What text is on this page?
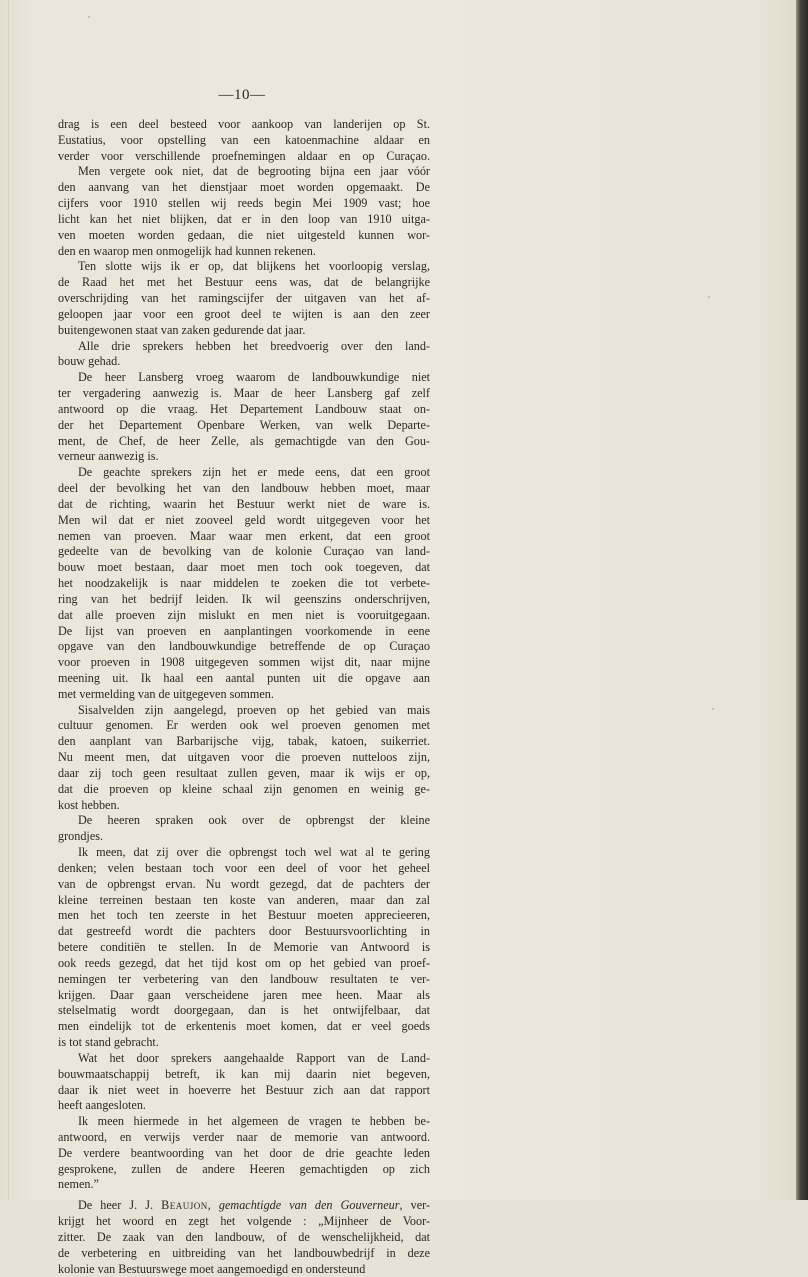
—10—
drag is een deel besteed voor aankoop van landerijen op St.
Eustatius, voor opstelling van een katoenmachine aldaar en
verder voor verschillende proefnemingen aldaar en op Curaçao.
Men vergete ook niet, dat de begrooting bijna een jaar vóór
den aanvang van het dienstjaar moet worden opgemaakt. De
cijfers voor 1910 stellen wij reeds begin Mei 1909 vast; hoe
licht kan het niet blijken, dat er in den loop van 1910 uitga-
ven moeten worden gedaan, die niet uitgesteld kunnen wor-
den en waarop men onmogelijk had kunnen rekenen.
Ten slotte wijs ik er op, dat blijkens het voorloopig verslag,
de Raad het met het Bestuur eens was, dat de belangrijke
overschrijding van het ramingscijfer der uitgaven van het af-
geloopen jaar voor een groot deel te wijten is aan den zeer
buitengewonen staat van zaken gedurende dat jaar.
Alle drie sprekers hebben het breedvoerig over den land-
bouw gehad.
De heer Lansberg vroeg waarom de landbouwkundige niet
ter vergadering aanwezig is. Maar de heer Lansberg gaf zelf
antwoord op die vraag. Het Departement Landbouw staat on-
der het Departement Openbare Werken, van welk Departe-
ment, de Chef, de heer Zelle, als gemachtigde van den Gou-
verneur aanwezig is.
De geachte sprekers zijn het er mede eens, dat een groot
deel der bevolking het van den landbouw hebben moet, maar
dat de richting, waarin het Bestuur werkt niet de ware is.
Men wil dat er niet zooveel geld wordt uitgegeven voor het
nemen van proeven. Maar waar men erkent, dat een groot
gedeelte van de bevolking van de kolonie Curaçao van land-
bouw moet bestaan, daar moet men toch ook toegeven, dat
het noodzakelijk is naar middelen te zoeken die tot verbete-
ring van het bedrijf leiden. Ik wil geenszins onderschrijven,
dat alle proeven zijn mislukt en men niet is vooruitgegaan.
De lijst van proeven en aanplantingen voorkomende in eene
opgave van den landbouwkundige betreffende de op Curaçao
voor proeven in 1908 uitgegeven sommen wijst dit, naar mijne
meening uit. Ik haal een aantal punten uit die opgave aan
met vermelding van de uitgegeven sommen.
Sisalvelden zijn aangelegd, proeven op het gebied van mais
cultuur genomen. Er werden ook wel proeven genomen met
den aanplant van Barbarijsche vijg, tabak, katoen, suikerriet.
Nu meent men, dat uitgaven voor die proeven nutteloos zijn,
daar zij toch geen resultaat zullen geven, maar ik wijs er op,
dat die proeven op kleine schaal zijn genomen en weinig ge-
kost hebben.
De heeren spraken ook over de opbrengst der kleine
grondjes.
Ik meen, dat zij over die opbrengst toch wel wat al te gering
denken; velen bestaan toch voor een deel of voor het geheel
van de opbrengst ervan. Nu wordt gezegd, dat de pachters der
kleine terreinen bestaan ten koste van anderen, maar dan zal
men het toch ten zeerste in het Bestuur moeten apprecieeren,
dat gestreefd wordt die pachters door Bestuursvoorlichting in
betere conditiën te stellen. In de Memorie van Antwoord is
ook reeds gezegd, dat het tijd kost om op het gebied van proef-
nemingen ter verbetering van den landbouw resultaten te ver-
krijgen. Daar gaan verscheidene jaren mee heen. Maar als
stelselmatig wordt doorgegaan, dan is het ontwijfelbaar, dat
men eindelijk tot de erkentenis moet komen, dat er veel goeds
is tot stand gebracht.
Wat het door sprekers aangehaalde Rapport van de Land-
bouwmaatschappij betreft, ik kan mij daarin niet begeven,
daar ik niet weet in hoeverre het Bestuur zich aan dat rapport
heeft aangesloten.
Ik meen hiermede in het algemeen de vragen te hebben be-
antwoord, en verwijs verder naar de memorie van antwoord.
De verdere beantwoording van het door de drie geachte leden
gesprokene, zullen de andere Heeren gemachtigden op zich
nemen.”
De heer J. J. Beaujon, gemachtigde van den Gouverneur, ver-
krijgt het woord en zegt het volgende : „Mijnheer de Voor-
zitter. De zaak van den landbouw, of de wenschelijkheid, dat
de verbetering en uitbreiding van het landbouwbedrijf in deze
kolonie van Bestuurswege moet aangemoedigd en ondersteund
